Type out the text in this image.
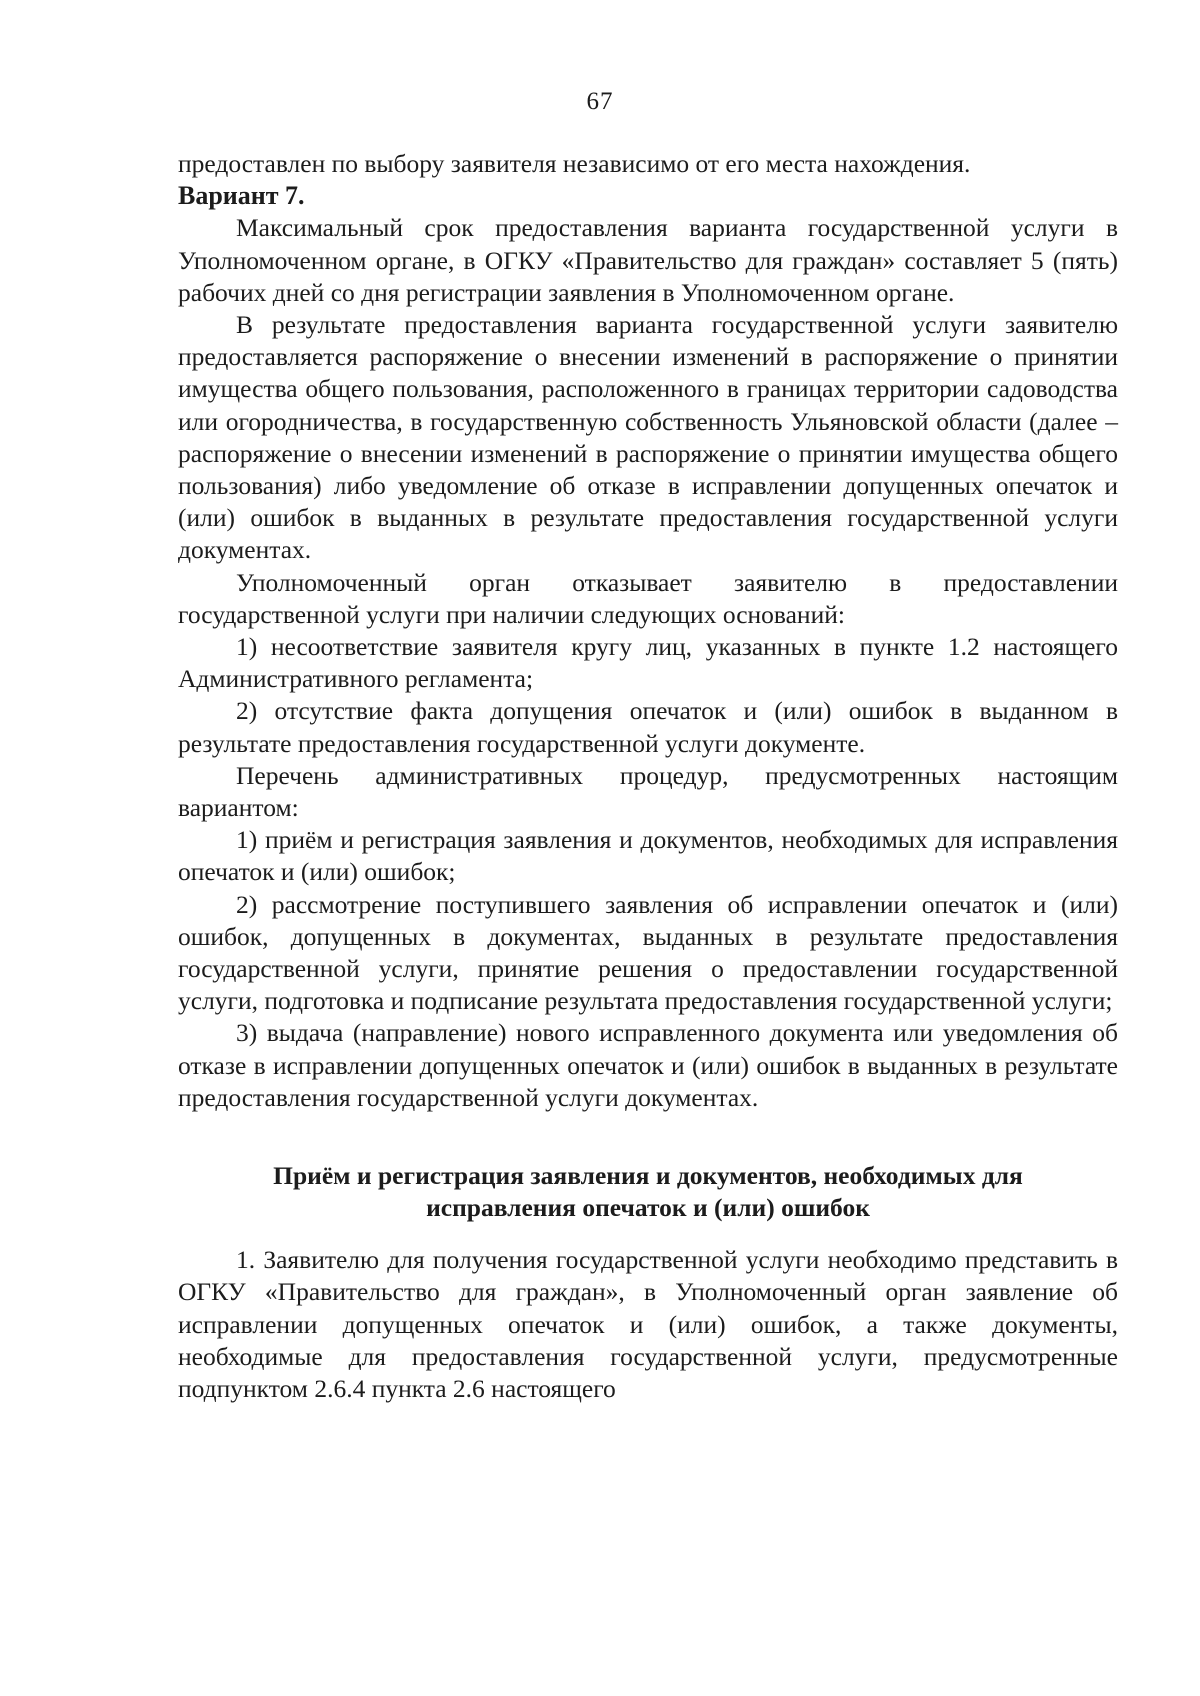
67

предоставлен по выбору заявителя независимо от его места нахождения.

Вариант 7.

Максимальный срок предоставления варианта государственной услуги в Уполномоченном органе, в ОГКУ «Правительство для граждан» составляет 5 (пять) рабочих дней со дня регистрации заявления в Уполномоченном органе.

В результате предоставления варианта государственной услуги заявителю предоставляется распоряжение о внесении изменений в распоряжение о принятии имущества общего пользования, расположенного в границах территории садоводства или огородничества, в государственную собственность Ульяновской области (далее – распоряжение о внесении изменений в распоряжение о принятии имущества общего пользования) либо уведомление об отказе в исправлении допущенных опечаток и (или) ошибок в выданных в результате предоставления государственной услуги документах.

Уполномоченный орган отказывает заявителю в предоставлении государственной услуги при наличии следующих оснований:

1) несоответствие заявителя кругу лиц, указанных в пункте 1.2 настоящего Административного регламента;

2) отсутствие факта допущения опечаток и (или) ошибок в выданном в результате предоставления государственной услуги документе.

Перечень административных процедур, предусмотренных настоящим вариантом:

1) приём и регистрация заявления и документов, необходимых для исправления опечаток и (или) ошибок;

2) рассмотрение поступившего заявления об исправлении опечаток и (или) ошибок, допущенных в документах, выданных в результате предоставления государственной услуги, принятие решения о предоставлении государственной услуги, подготовка и подписание результата предоставления государственной услуги;

3) выдача (направление) нового исправленного документа или уведомления об отказе в исправлении допущенных опечаток и (или) ошибок в выданных в результате предоставления государственной услуги документах.

Приём и регистрация заявления и документов, необходимых для
исправления опечаток и (или) ошибок

1. Заявителю для получения государственной услуги необходимо представить в ОГКУ «Правительство для граждан», в Уполномоченный орган заявление об исправлении допущенных опечаток и (или) ошибок, а также документы, необходимые для предоставления государственной услуги, предусмотренные подпунктом 2.6.4 пункта 2.6 настоящего
